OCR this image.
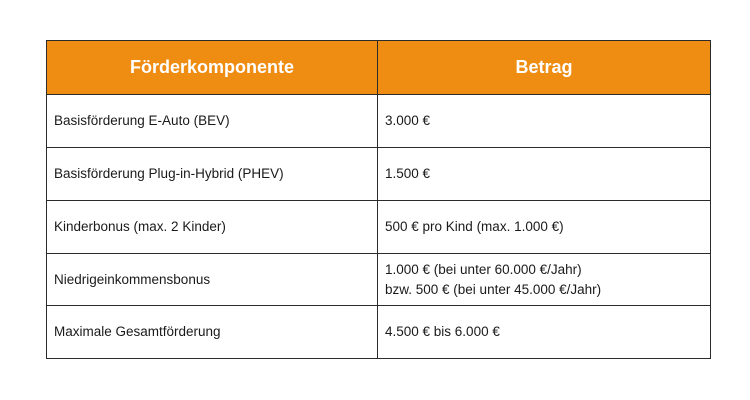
Förderkomponente	Betrag
Basisförderung E-Auto (BEV)	3.000 €

Basisförderung Plug-in-Hybrid (PHEV)	1.500 €

Kinderbonus (max. 2 Kinder)	500 € pro Kind (max. 1.000 €)

Niedrigeinkommensbonus	1.000 € (bei unter 60.000 €/Jahr)
bzw. 500 € (bei unter 45.000 €/Jahr)

Maximale Gesamtförderung	4.500 € bis 6.000 €
